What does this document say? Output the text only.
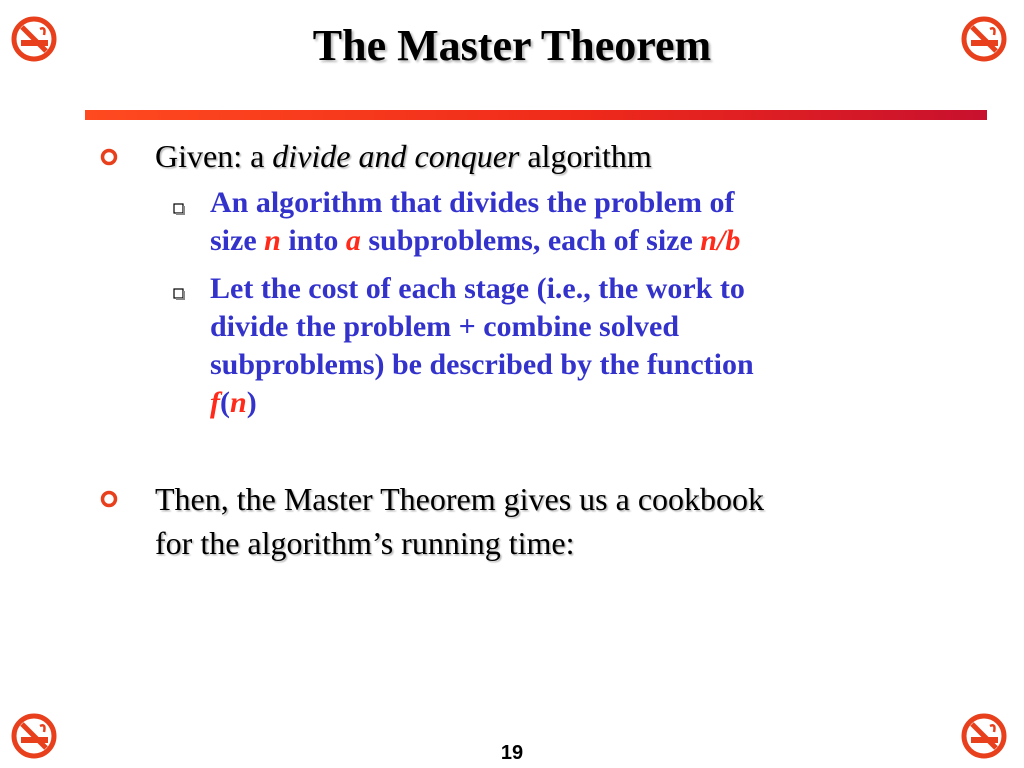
The Master Theorem
Given: a divide and conquer algorithm
An algorithm that divides the problem of
size n into a subproblems, each of size n/b
Let the cost of each stage (i.e., the work to
divide the problem + combine solved
subproblems) be described by the function
f(n)
Then, the Master Theorem gives us a cookbook
for the algorithm’s running time:
19
